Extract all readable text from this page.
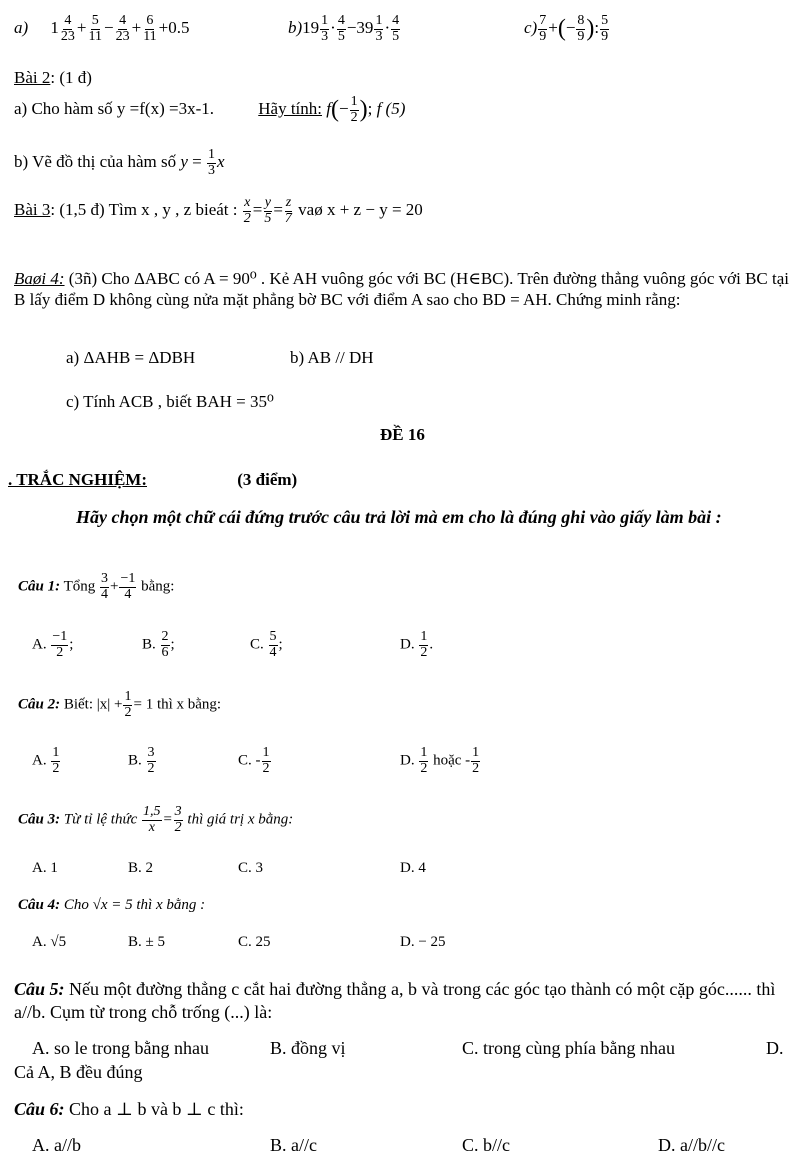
a) $1 \frac{4}{23} + \frac{5}{11} - \frac{4}{23} + \frac{6}{11} +0.5$	$b)19 \frac{1}{3} \cdot \frac{4}{5} -39 \frac{1}{3} \cdot \frac{4}{5}$	$c) \frac{7}{9}$ +(− $\frac{8}{9}$ ): $\frac{5}{9}$
Bài 2: (1 đ)
a) Cho hàm số y =f(x) =3x-1.	Hãy tính: $f(- \frac{1}{2}$ ); f (5)
b) Vẽ đồ thị của hàm số $y = \frac{1}{3}$ x
Bài 3: (1,5 đ) Tìm x , y , z bieát : $\frac{x}{2} = \frac{y}{5} = \frac{z}{7}$ vaø x + z − y = 20
Baøi 4: (3ñ) Cho ΔABC có A = 90⁰ . Kẻ AH vuông góc với BC (H∈BC). Trên đường thẳng vuông góc với BC tại B lấy điểm D không cùng nửa mặt phẳng bờ BC với điểm A sao cho BD = AH. Chứng minh rằng:
a) ΔAHB = ΔDBH	b) AB // DH
c) Tính ACB , biết BAH = 35⁰
ĐỀ 16
. TRẮC NGHIỆM:	(3 điểm)
Hãy chọn một chữ cái đứng trước câu trả lời mà em cho là đúng ghi vào giấy làm bài :
Câu 1: Tổng $\frac{3}{4} + \frac{-1}{4}$ bằng:
A. $\frac{-1}{2}$ ;	B. $\frac{2}{6}$ ;	C. $\frac{5}{4}$ ;	D. $\frac{1}{2}$ .
Câu 2: Biết: $|x| + \frac{1}{2} = 1$ thì x bằng:
A. $\frac{1}{2}$	B. $\frac{3}{2}$	C. - $\frac{1}{2}$	D. $\frac{1}{2}$ hoặc - $\frac{1}{2}$
Câu 3: Từ tỉ lệ thức $\frac{1,5}{x} = \frac{3}{2}$ thì giá trị x bằng:
A. 1	B. 2	C. 3	D. 4
Câu 4: Cho √x = 5 thì x bằng :
A. √5	B. ± 5	C. 25	D. − 25
Câu 5: Nếu một đường thẳng c cắt hai đường thẳng a, b và trong các góc tạo thành có một cặp góc...... thì a//b. Cụm từ trong chỗ trống (...) là:
A. so le trong bằng nhau	B. đồng vị	C. trong cùng phía bằng nhau	D.
Cả A, B đều đúng
Câu 6: Cho a ⊥ b và b ⊥ c thì:
A. a//b	B. a//c	C. b//c	D. a//b//c
